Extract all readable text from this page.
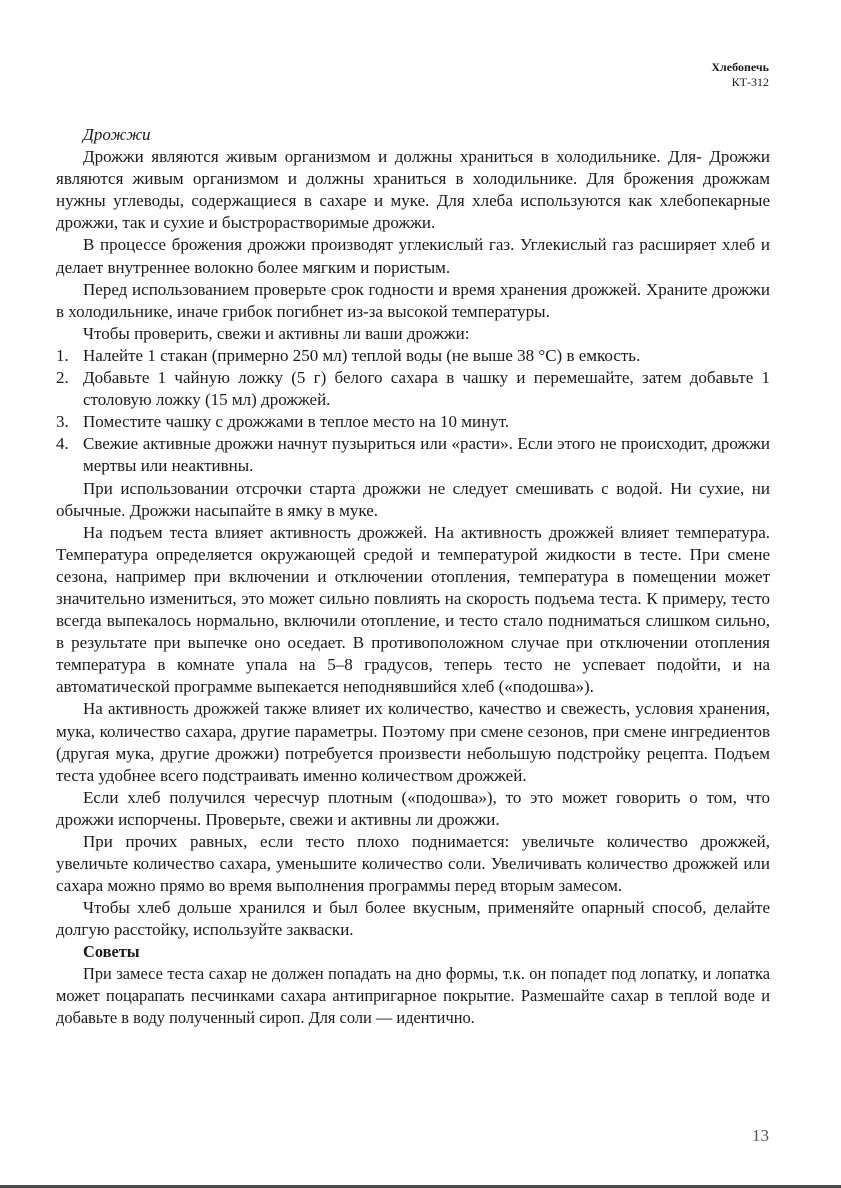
Хлебопечь
КТ-312

Дрожжи

Дрожжи являются живым организмом и должны храниться в холодильнике. Для- Дрожжи являются живым организмом и должны храниться в холодильнике. Для брожения дрожжам нужны углеводы, содержащиеся в сахаре и муке. Для хлеба используются как хлебопекарные дрожжи, так и сухие и быстрорастворимые дрожжи.

В процессе брожения дрожжи производят углекислый газ. Углекислый газ расширяет хлеб и делает внутреннее волокно более мягким и пористым.

Перед использованием проверьте срок годности и время хранения дрожжей. Храните дрожжи в холодильнике, иначе грибок погибнет из-за высокой температуры.

Чтобы проверить, свежи и активны ли ваши дрожжи:

1. Налейте 1 стакан (примерно 250 мл) теплой воды (не выше 38 °C) в емкость.
2. Добавьте 1 чайную ложку (5 г) белого сахара в чашку и перемешайте, затем добавьте 1 столовую ложку (15 мл) дрожжей.
3. Поместите чашку с дрожжами в теплое место на 10 минут.
4. Свежие активные дрожжи начнут пузыриться или «расти». Если этого не происходит, дрожжи мертвы или неактивны.

При использовании отсрочки старта дрожжи не следует смешивать с водой. Ни сухие, ни обычные. Дрожжи насыпайте в ямку в муке.

На подъем теста влияет активность дрожжей. На активность дрожжей влияет температура. Температура определяется окружающей средой и температурой жидкости в тесте. При смене сезона, например при включении и отключении отопления, температура в помещении может значительно измениться, это может сильно повлиять на скорость подъема теста. К примеру, тесто всегда выпекалось нормально, включили отопление, и тесто стало подниматься слишком сильно, в результате при выпечке оно оседает. В противоположном случае при отключении отопления температура в комнате упала на 5–8 градусов, теперь тесто не успевает подойти, и на автоматической программе выпекается неподнявшийся хлеб («подошва»).

На активность дрожжей также влияет их количество, качество и свежесть, условия хранения, мука, количество сахара, другие параметры. Поэтому при смене сезонов, при смене ингредиентов (другая мука, другие дрожжи) потребуется произвести небольшую подстройку рецепта. Подъем теста удобнее всего подстраивать именно количеством дрожжей.

Если хлеб получился чересчур плотным («подошва»), то это может говорить о том, что дрожжи испорчены. Проверьте, свежи и активны ли дрожжи.

При прочих равных, если тесто плохо поднимается: увеличьте количество дрожжей, увеличьте количество сахара, уменьшите количество соли. Увеличивать количество дрожжей или сахара можно прямо во время выполнения программы перед вторым замесом.

Чтобы хлеб дольше хранился и был более вкусным, применяйте опарный способ, делайте долгую расстойку, используйте закваски.

Советы

При замесе теста сахар не должен попадать на дно формы, т.к. он попадет под лопатку, и лопатка может поцарапать песчинками сахара антипригарное покрытие. Размешайте сахар в теплой воде и добавьте в воду полученный сироп. Для соли — идентично.

13
